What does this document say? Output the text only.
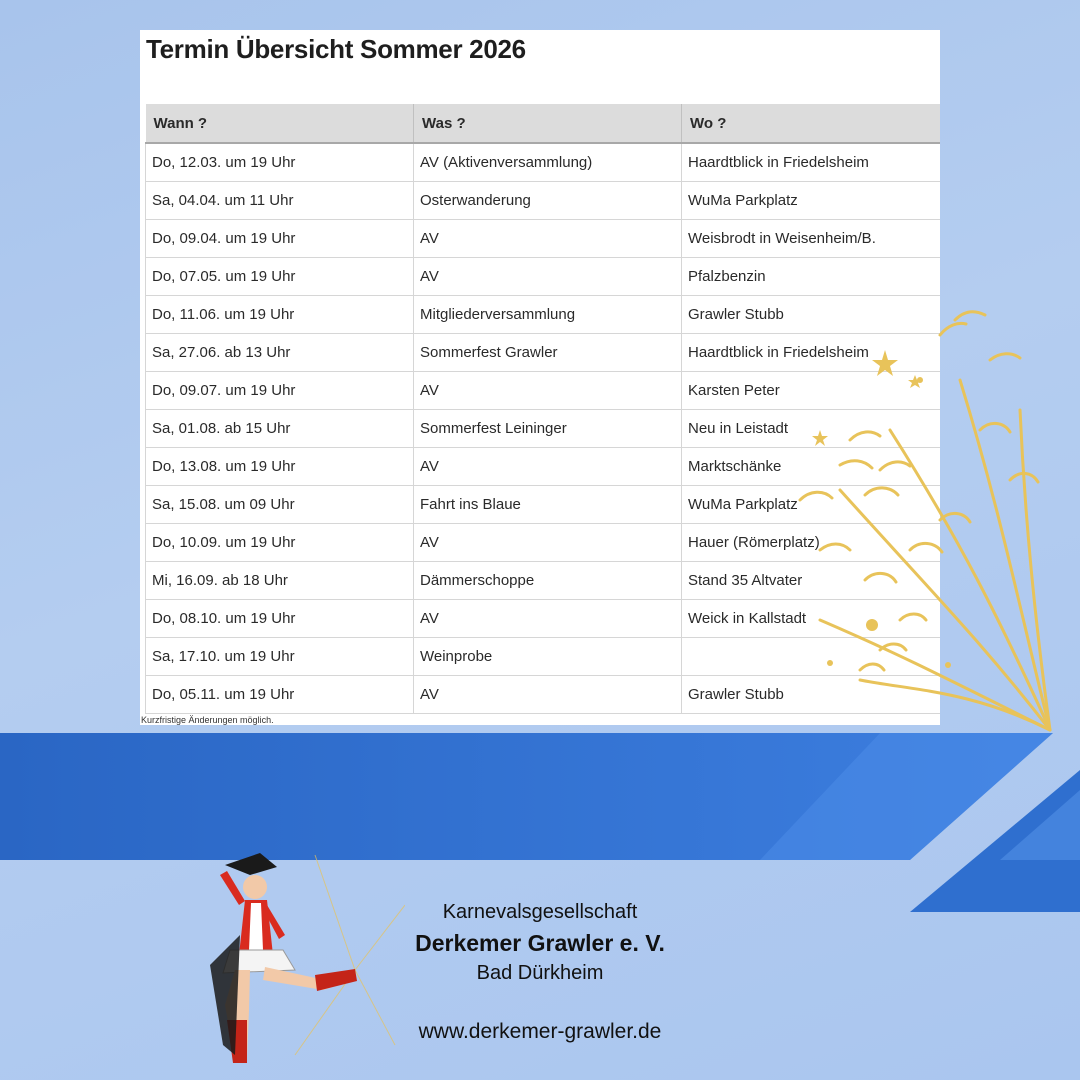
Termin Übersicht Sommer 2026
Wann ?	Was ?	Wo ?
Do, 12.03. um 19 Uhr	AV (Aktivenversammlung)	Haardtblick in Friedelsheim
Sa, 04.04. um 11 Uhr	Osterwanderung	WuMa Parkplatz
Do, 09.04. um 19 Uhr	AV	Weisbrodt in Weisenheim/B.
Do, 07.05. um 19 Uhr	AV	Pfalzbenzin
Do, 11.06. um 19 Uhr	Mitgliederversammlung	Grawler Stubb
Sa, 27.06. ab 13 Uhr	Sommerfest Grawler	Haardtblick in Friedelsheim
Do, 09.07. um 19 Uhr	AV	Karsten Peter
Sa, 01.08. ab 15 Uhr	Sommerfest Leininger	Neu in Leistadt
Do, 13.08. um 19 Uhr	AV	Marktschänke
Sa, 15.08. um 09 Uhr	Fahrt ins Blaue	WuMa Parkplatz
Do, 10.09. um 19 Uhr	AV	Hauer (Römerplatz)
Mi, 16.09. ab 18 Uhr	Dämmerschoppe	Stand 35 Altvater
Do, 08.10. um 19 Uhr	AV	Weick in Kallstadt
Sa, 17.10. um 19 Uhr	Weinprobe	
Do, 05.11. um 19 Uhr	AV	Grawler Stubb
Kurzfristige Änderungen möglich.
Karnevalsgesellschaft
Derkemer Grawler e. V.
Bad Dürkheim
www.derkemer-grawler.de
